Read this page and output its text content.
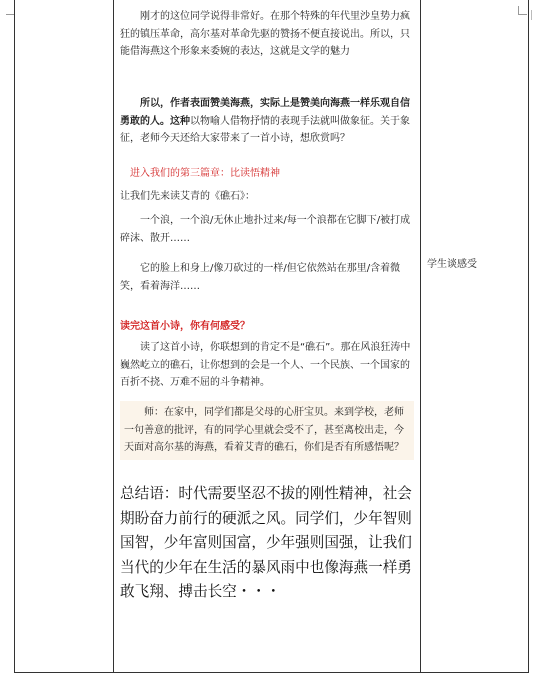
刚才的这位同学说得非常好。在那个特殊的年代里沙皇势力疯狂的镇压革命，高尔基对革命先驱的赞扬不便直接说出。所以，只能借海燕这个形象来委婉的表达，这就是文学的魅力

所以，作者表面赞美海燕，实际上是赞美向海燕一样乐观自信勇敢的人。这种以物喻人借物抒情的表现手法就叫做象征。关于象征，老师今天还给大家带来了一首小诗，想欣赏吗？

进入我们的第三篇章：比读悟精神

让我们先来读艾青的《礁石》：

一个浪，一个浪/无休止地扑过来/每一个浪都在它脚下/被打成碎沫、散开……

它的脸上和身上/像刀砍过的一样/但它依然站在那里/含着微笑，看着海洋……

读完这首小诗，你有何感受？

读了这首小诗，你联想到的肯定不是“礁石”。那在风浪狂涛中巍然屹立的礁石，让你想到的会是一个人、一个民族、一个国家的百折不挠、万难不屈的斗争精神。

师：在家中，同学们都是父母的心肝宝贝。来到学校，老师一句善意的批评，有的同学心里就会受不了，甚至离校出走，今天面对高尔基的海燕，看着艾青的礁石，你们是否有所感悟呢？

总结语：时代需要坚忍不拔的刚性精神，社会期盼奋力前行的硬派之风。同学们，少年智则国智，少年富则国富，少年强则国强，让我们当代的少年在生活的暴风雨中也像海燕一样勇敢飞翔、搏击长空・・・

学生谈感受
